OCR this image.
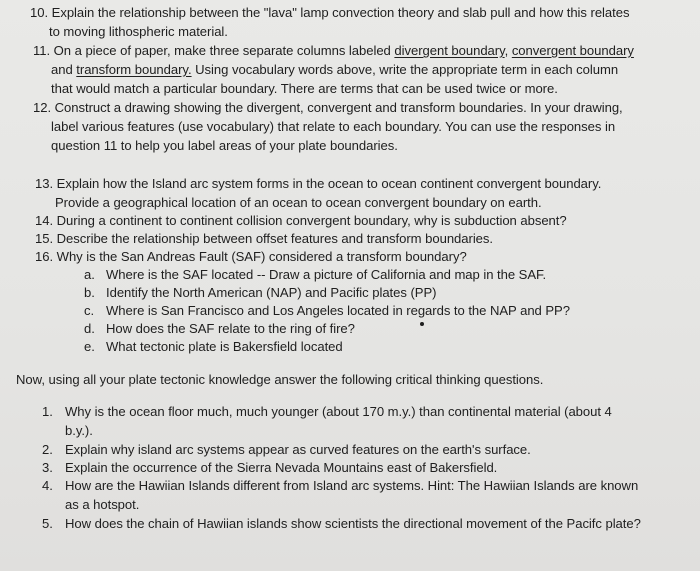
10. Explain the relationship between the "lava" lamp convection theory and slab pull and how this relates
to moving lithospheric material.
11. On a piece of paper, make three separate columns labeled divergent boundary, convergent boundary
and transform boundary. Using vocabulary words above, write the appropriate term in each column
that would match a particular boundary. There are terms that can be used twice or more.
12. Construct a drawing showing the divergent, convergent and transform boundaries. In your drawing,
label various features (use vocabulary) that relate to each boundary. You can use the responses in
question 11 to help you label areas of your plate boundaries.
13. Explain how the Island arc system forms in the ocean to ocean continent convergent boundary.
Provide a geographical location of an ocean to ocean convergent boundary on earth.
14. During a continent to continent collision convergent boundary, why is subduction absent?
15. Describe the relationship between offset features and transform boundaries.
16. Why is the San Andreas Fault (SAF) considered a transform boundary?
a. Where is the SAF located -- Draw a picture of California and map in the SAF.
b. Identify the North American (NAP) and Pacific plates (PP)
c. Where is San Francisco and Los Angeles located in regards to the NAP and PP?
d. How does the SAF relate to the ring of fire?
e. What tectonic plate is Bakersfield located
Now, using all your plate tectonic knowledge answer the following critical thinking questions.
1. Why is the ocean floor much, much younger (about 170 m.y.) than continental material (about 4
b.y.).
2. Explain why island arc systems appear as curved features on the earth's surface.
3. Explain the occurrence of the Sierra Nevada Mountains east of Bakersfield.
4. How are the Hawiian Islands different from Island arc systems. Hint: The Hawiian Islands are known
as a hotspot.
5. How does the chain of Hawiian islands show scientists the directional movement of the Pacifc plate?
